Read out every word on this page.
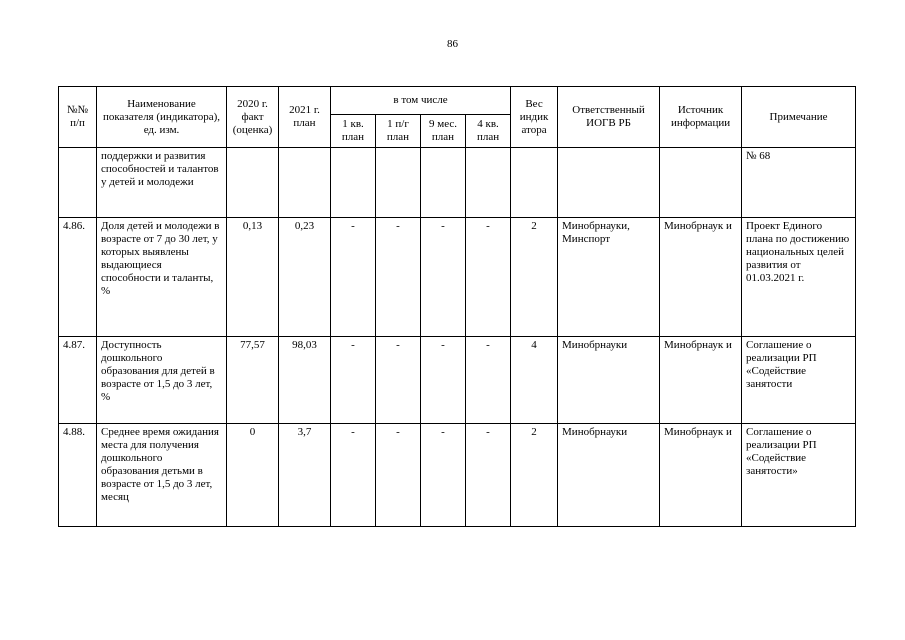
86
№№ п/п	Наименование показателя (индикатора), ед. изм.	2020 г. факт (оценка)	2021 г. план	в том числе				Вес индик атора	Ответственный ИОГВ РБ	Источник информации	Примечание
				1 кв. план	1 п/г план	9 мес. план	4 кв. план				
	поддержки и развития способностей и талантов у детей и молодежи										№ 68
4.86.	Доля детей и молодежи в возрасте от 7 до 30 лет, у которых выявлены выдающиеся способности и таланты, %	0,13	0,23	-	-	-	-	2	Минобрнауки, Минспорт	Минобрнаук и	Проект Единого плана по достижению национальных целей развития от 01.03.2021 г.
4.87.	Доступность дошкольного образования для детей в возрасте от 1,5 до 3 лет, %	77,57	98,03	-	-	-	-	4	Минобрнауки	Минобрнаук и	Соглашение о реализации РП «Содействие занятости
4.88.	Среднее время ожидания места для получения дошкольного образования детьми в возрасте от 1,5 до 3 лет, месяц	0	3,7	-	-	-	-	2	Минобрнауки	Минобрнаук и	Соглашение о реализации РП «Содействие занятости»
